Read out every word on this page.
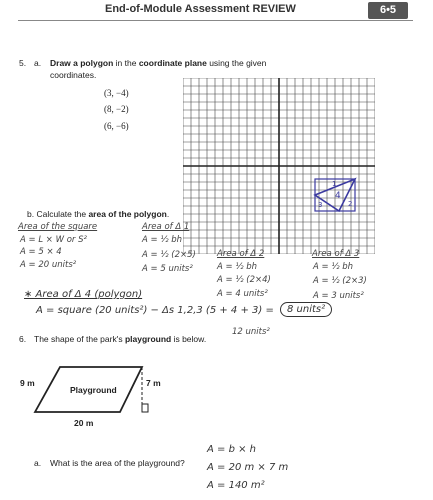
End-of-Module Assessment REVIEW	6•5
5. a. Draw a polygon in the coordinate plane using the given
coordinates.
(3, −4)
(8, −2)
(6, −6)
4
1
2
3
b. Calculate the area of the polygon.
Area of the square
A = L × W or S²
A = 5 × 4
A = 20 units²
Area of Δ 1
A = ½ bh
A = ½ (2×5)
A = 5 units²
Area of Δ 2
A = ½ bh
A = ½ (2×4)
A = 4 units²
Area of Δ 3
A = ½ bh
A = ½ (2×3)
A = 3 units²
∗ Area of Δ 4 (polygon)
A = square (20 units²) − Δs 1,2,3 (5 + 4 + 3) =	8 units²
12 units²
6. The shape of the park's playground is below.
Playground
9 m	7 m
20 m
a. What is the area of the playground?
A = b × h
A = 20 m × 7 m
A = 140 m²
